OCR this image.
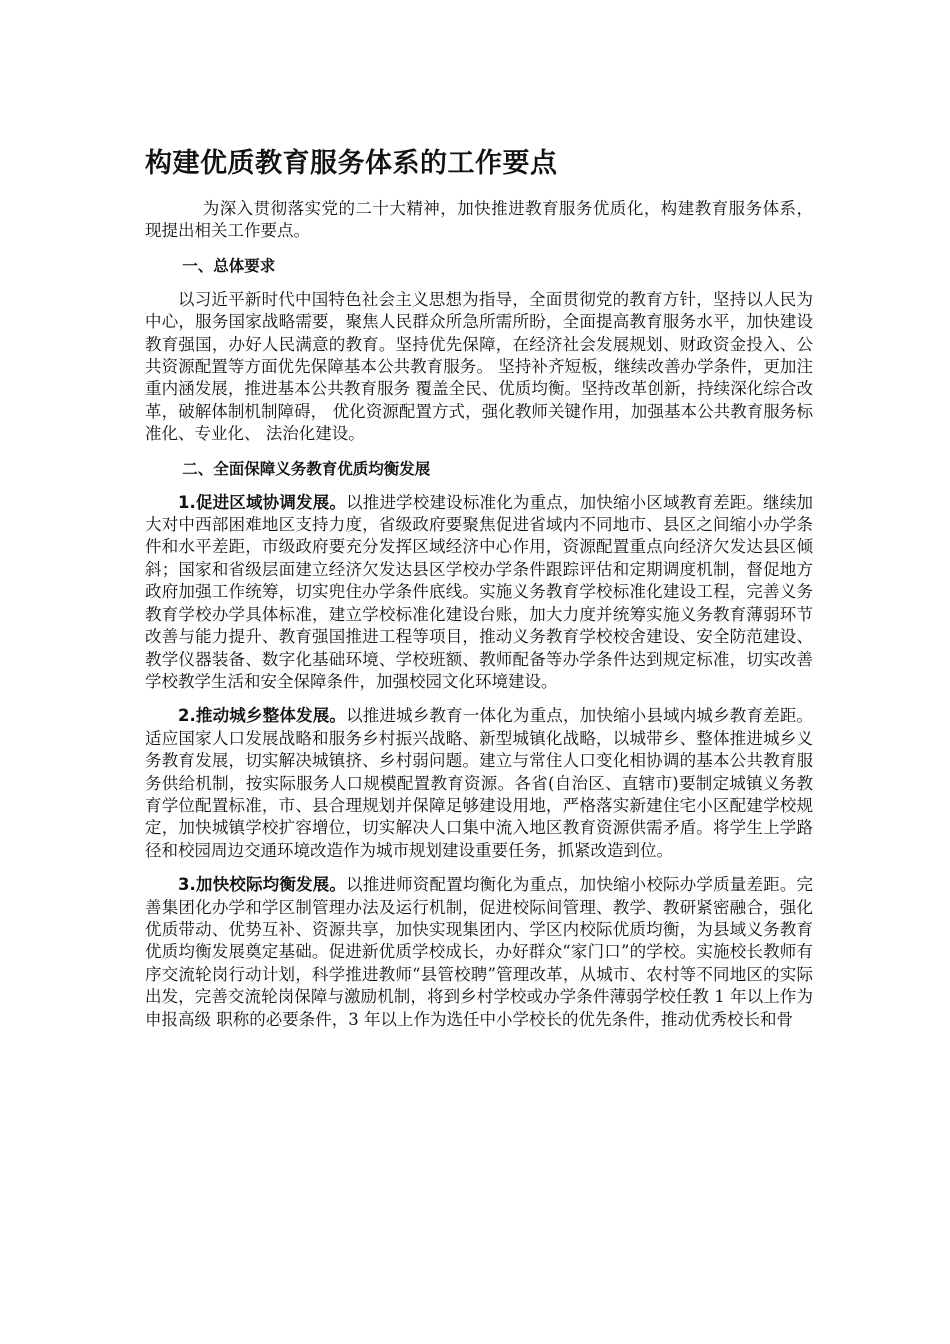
构建优质教育服务体系的工作要点

为深入贯彻落实党的二十大精神，加快推进教育服务优质化，构建教育服务体系，现提出相关工作要点。

一、总体要求

以习近平新时代中国特色社会主义思想为指导，全面贯彻党的教育方针，坚持以人民为中心，服务国家战略需要，聚焦人民群众所急所需所盼，全面提高教育服务水平，加快建设教育强国，办好人民满意的教育。坚持优先保障，在经济社会发展规划、财政资金投入、公共资源配置等方面优先保障基本公共教育服务。 坚持补齐短板，继续改善办学条件，更加注重内涵发展，推进基本公共教育服务 覆盖全民、优质均衡。坚持改革创新，持续深化综合改革，破解体制机制障碍， 优化资源配置方式，强化教师关键作用，加强基本公共教育服务标准化、专业化、 法治化建设。

二、全面保障义务教育优质均衡发展

1.促进区域协调发展。以推进学校建设标准化为重点，加快缩小区域教育差距。继续加大对中西部困难地区支持力度，省级政府要聚焦促进省域内不同地市、县区之间缩小办学条件和水平差距，市级政府要充分发挥区域经济中心作用，资源配置重点向经济欠发达县区倾斜；国家和省级层面建立经济欠发达县区学校办学条件跟踪评估和定期调度机制，督促地方政府加强工作统筹，切实兜住办学条件底线。实施义务教育学校标准化建设工程，完善义务教育学校办学具体标准，建立学校标准化建设台账，加大力度并统筹实施义务教育薄弱环节改善与能力提升、教育强国推进工程等项目，推动义务教育学校校舍建设、安全防范建设、教学仪器装备、数字化基础环境、学校班额、教师配备等办学条件达到规定标准，切实改善学校教学生活和安全保障条件，加强校园文化环境建设。

2.推动城乡整体发展。以推进城乡教育一体化为重点，加快缩小县域内城乡教育差距。适应国家人口发展战略和服务乡村振兴战略、新型城镇化战略，以城带乡、整体推进城乡义务教育发展，切实解决城镇挤、乡村弱问题。建立与常住人口变化相协调的基本公共教育服务供给机制，按实际服务人口规模配置教育资源。各省(自治区、直辖市)要制定城镇义务教育学位配置标准，市、县合理规划并保障足够建设用地，严格落实新建住宅小区配建学校规定，加快城镇学校扩容增位，切实解决人口集中流入地区教育资源供需矛盾。将学生上学路径和校园周边交通环境改造作为城市规划建设重要任务，抓紧改造到位。

3.加快校际均衡发展。以推进师资配置均衡化为重点，加快缩小校际办学质量差距。完善集团化办学和学区制管理办法及运行机制，促进校际间管理、教学、教研紧密融合，强化优质带动、优势互补、资源共享，加快实现集团内、学区内校际优质均衡，为县域义务教育优质均衡发展奠定基础。促进新优质学校成长，办好群众“家门口”的学校。实施校长教师有序交流轮岗行动计划，科学推进教师“县管校聘”管理改革，从城市、农村等不同地区的实际出发，完善交流轮岗保障与激励机制，将到乡村学校或办学条件薄弱学校任教 1 年以上作为申报高级 职称的必要条件，3 年以上作为选任中小学校长的优先条件，推动优秀校长和骨
